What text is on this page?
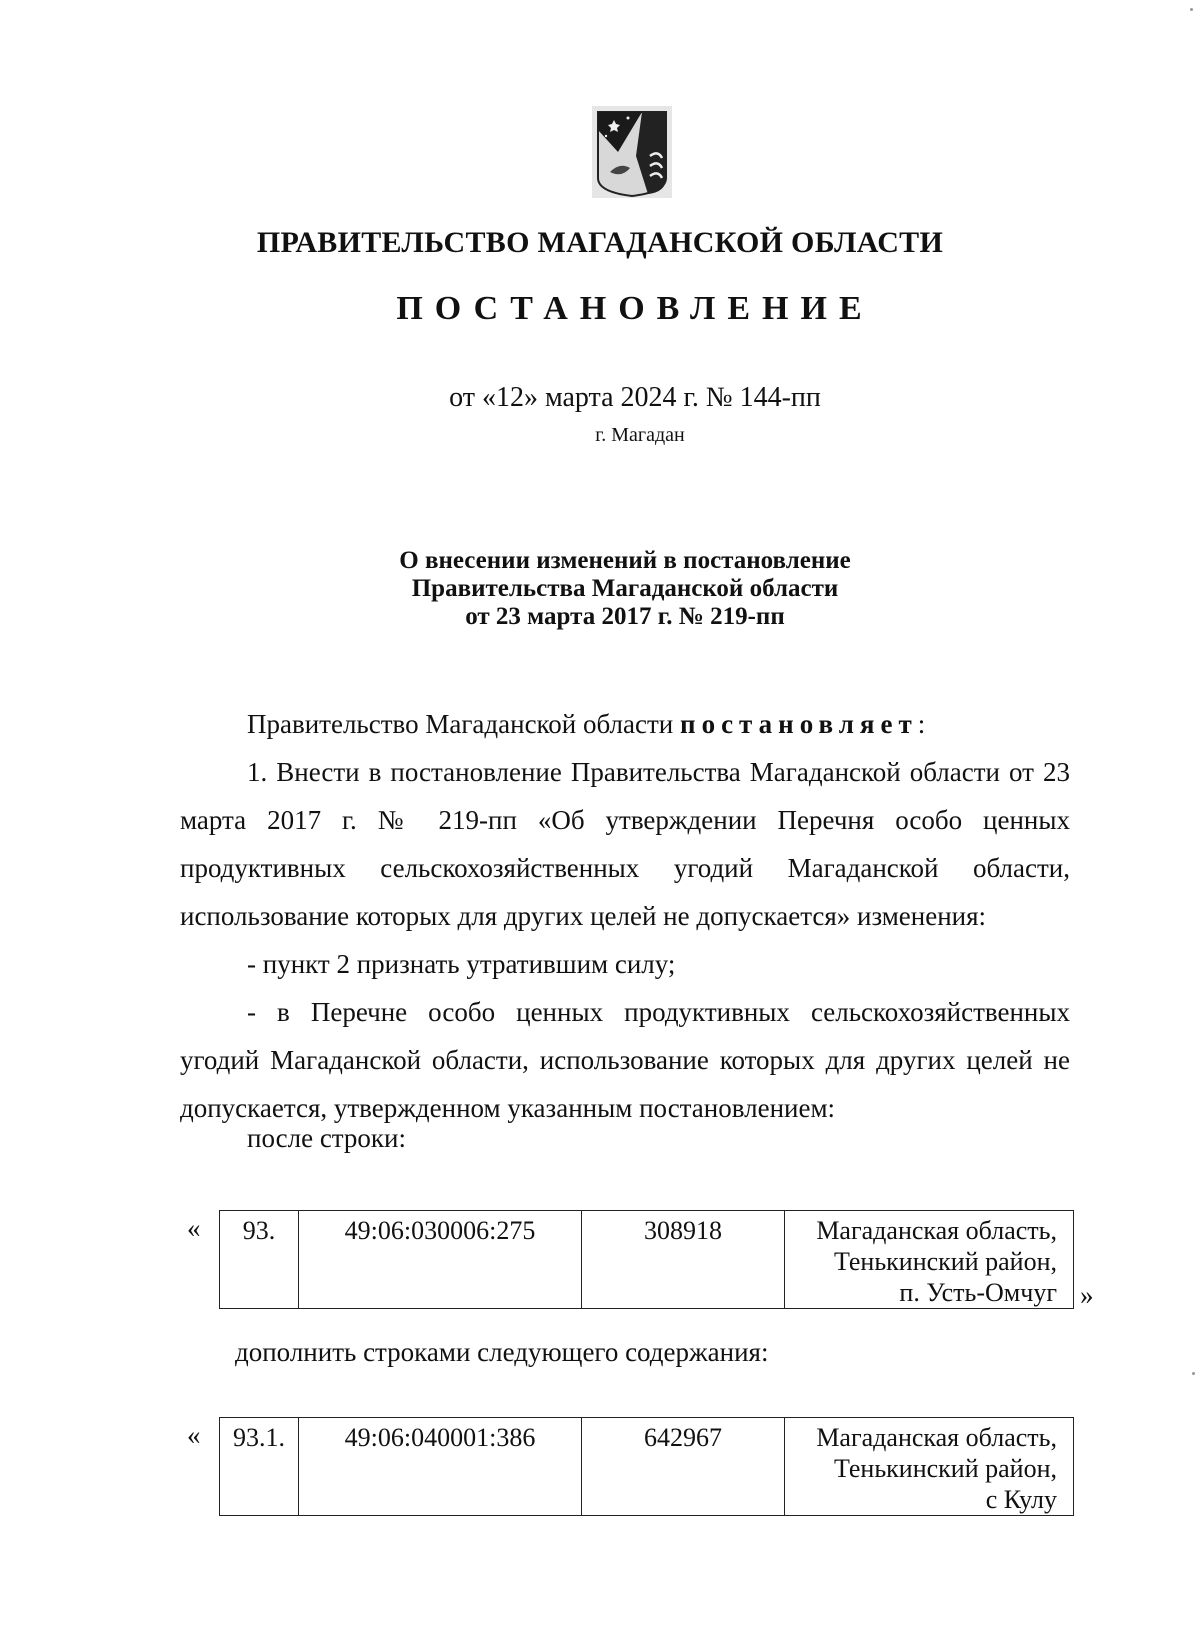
ПРАВИТЕЛЬСТВО МАГАДАНСКОЙ ОБЛАСТИ
ПОСТАНОВЛЕНИЕ
от «12» марта 2024 г. № 144-пп
г. Магадан
О внесении изменений в постановление
Правительства Магаданской области
от 23 марта 2017 г. № 219-пп
Правительство Магаданской области постановляет:
1. Внести в постановление Правительства Магаданской области от 23 марта 2017 г. № 219-пп «Об утверждении Перечня особо ценных продуктивных сельскохозяйственных угодий Магаданской области, использование которых для других целей не допускается» изменения:
- пункт 2 признать утратившим силу;
- в Перечне особо ценных продуктивных сельскохозяйственных угодий Магаданской области, использование которых для других целей не допускается, утвержденном указанным постановлением:
после строки:
« 93.	49:06:030006:275	308918	Магаданская область,
Тенькинский район,
п. Усть-Омчуг »
дополнить строками следующего содержания:
« 93.1.	49:06:040001:386	642967	Магаданская область,
Тенькинский район,
с Кулу
